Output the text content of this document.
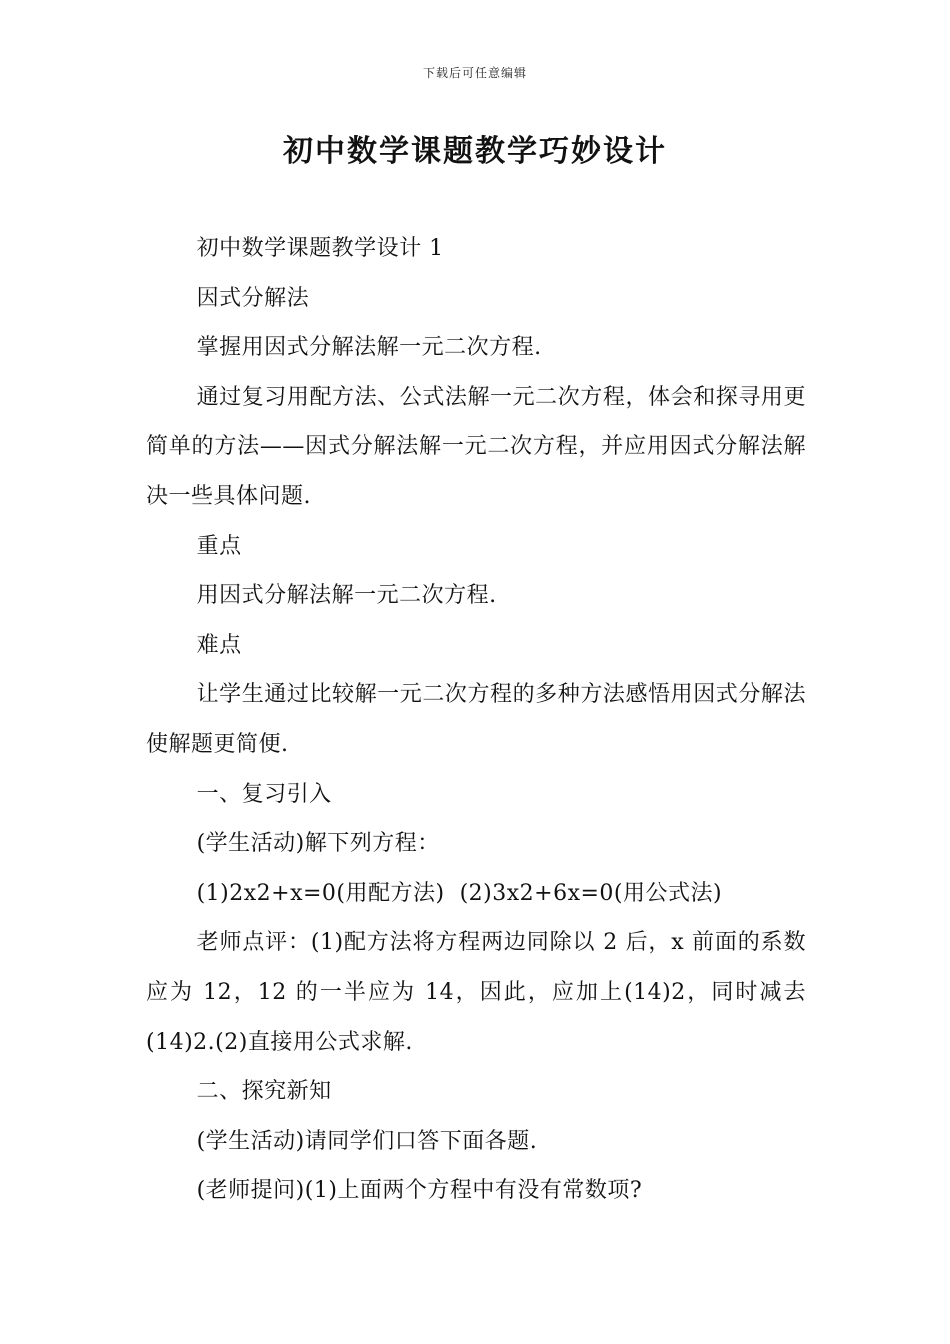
下载后可任意编辑
初中数学课题教学巧妙设计

初中数学课题教学设计 1

因式分解法

掌握用因式分解法解一元二次方程.

通过复习用配方法、公式法解一元二次方程，体会和探寻用更简单的方法——因式分解法解一元二次方程，并应用因式分解法解决一些具体问题.

重点

用因式分解法解一元二次方程.

难点

让学生通过比较解一元二次方程的多种方法感悟用因式分解法使解题更简便.

一、复习引入

(学生活动)解下列方程：

(1)2x2+x=0(用配方法)  (2)3x2+6x=0(用公式法)

老师点评：(1)配方法将方程两边同除以 2 后，x 前面的系数应为 12，12 的一半应为 14，因此，应加上(14)2，同时减去(14)2.(2)直接用公式求解.

二、探究新知

(学生活动)请同学们口答下面各题.

(老师提问)(1)上面两个方程中有没有常数项?
